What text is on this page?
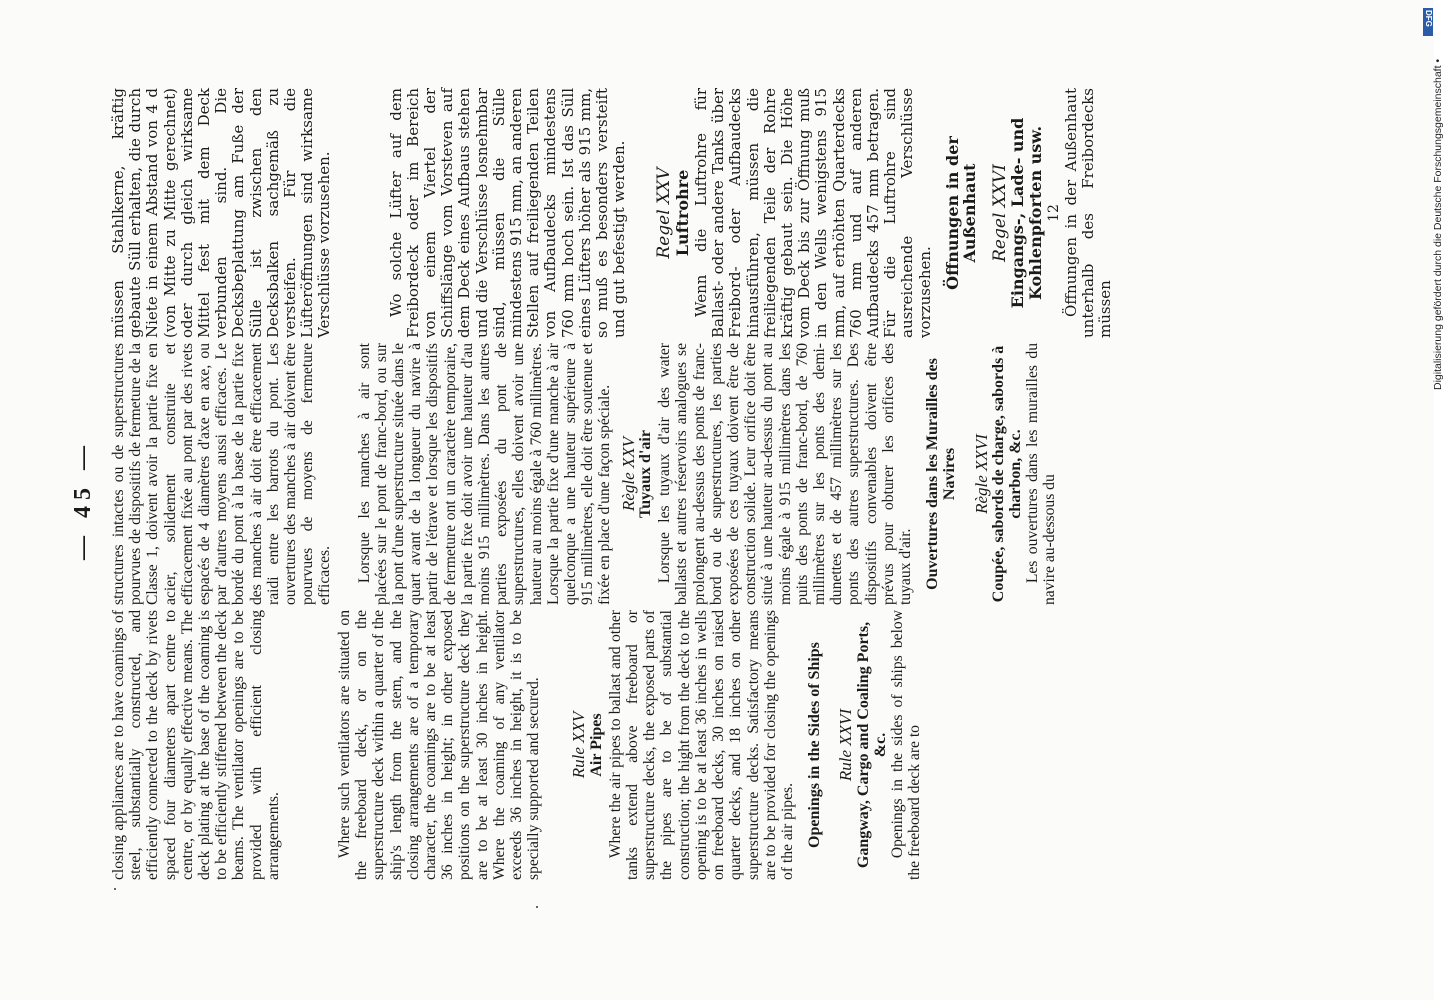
— 45 —

closing appliances are to have coamings of steel, substantially constructed, and efficiently connected to the deck by rivets spaced four diameters apart centre to centre, or by equally effective means. The deck plating at the base of the coaming is to be efficiently stiffened between the deck beams. The ventilator openings are to be provided with efficient closing arrangements.	Where such ventilators are situated on the freeboard deck, or on the superstructure deck within a quarter of the ship's length from the stem, and the closing arrangements are of a temporary character, the coamings are to be at least 36 inches in height; in other exposed positions on the superstructure deck they are to be at least 30 inches in height. Where the coaming of any ventilator exceeds 36 inches in height, it is to be specially supported and secured. Rule XXV Air Pipes Where the air pipes to ballast and other tanks extend above freeboard or superstructure decks, the exposed parts of the pipes are to be of substantial construction; the hight from the deck to the opening is to be at least 36 inches in wells on freeboard decks, 30 inches on raised quarter decks, and 18 inches on other superstructure decks. Satisfactory means are to be provided for closing the openings of the air pipes. Openings in the Sides of Ships Rule XXVI Gangway, Cargo and Coaling Ports, &c. Openings in the sides of ships below the freeboard deck are to

structures intactes ou de superstructures pourvues de dispositifs de fermeture de la Classe 1, doivent avoir la partie fixe en acier, solidement construite et efficacement fixée au pont par des rivets espacés de 4 diamètres d'axe en axe, ou par d'autres moyens aussi efficaces. Le bordé du pont à la base de la partie fixe des manches à air doit être efficacement raidi entre les barrots du pont. Les ouvertures des manches à air doivent être pourvues de moyens de fermeture efficaces. Lorsque les manches à air sont placées sur le pont de franc-bord, ou sur la pont d'une superstructure située dans le quart avant de la longueur du navire à partir de l'étrave et lorsque les dispositifs de fermeture ont un caractère temporaire, la partie fixe doit avoir une hauteur d'au moins 915 millimètres. Dans les autres parties exposées du pont de superstructures, elles doivent avoir une hauteur au moins égale à 760 millimètres. Lorsque la partie fixe d'une manche à air quelconque a une hauteur supérieure à 915 millimètres, elle doit être soutenue et fixée en place d'une façon spéciale. Règle XXV Tuyaux d'air Lorsque les tuyaux d'air des water ballasts et autres réservoirs analogues se prolongent au-dessus des ponts de franc-bord ou de superstructures, les parties exposées de ces tuyaux doivent être de construction solide. Leur orifice doit être situé à une hauteur au-dessus du pont au moins égale à 915 millimètres dans les puits des ponts de franc-bord, de 760 millimètres sur les ponts des demi-dunettes et de 457 millimètres sur les ponts des autres superstructures. Des dispositifs convenables doivent être prévus pour obturer les orifices des tuyaux d'air. Ouvertures dans les Murailles des Navires Règle XXVI Coupée, sabords de charge, sabords à charbon, &c. Les ouvertures dans les murailles du navire au-dessous du

müssen Stahlkerne, kräftig gebaute Süll erhalten, die durch Niete in einem Abstand von 4 d (von Mitte zu Mitte gerechnet) oder durch gleich wirksame Mittel fest mit dem Deck verbunden sind. Die Decksbeplattung am Fuße der Sülle ist zwischen den Decksbalken sachgemäß zu versteifen. Für die Lüfteröffnungen sind wirksame Verschlüsse vorzusehen.	Wo solche Lüfter auf dem Freibordeck oder im Bereich von einem Viertel der Schiffslänge vom Vorsteven auf dem Deck eines Aufbaus stehen und die Verschlüsse losnehmbar sind, müssen die Sülle mindestens 915 mm, an anderen Stellen auf freiliegenden Teilen von Aufbaudecks mindestens 760 mm hoch sein. Ist das Süll eines Lüfters höher als 915 mm, so muß es besonders versteift und gut befestigt werden. Regel XXV
Luftrohre Wenn die Luftrohre für Ballast- oder andere Tanks über Freibord- oder Aufbaudecks hinausführen, müssen die freiliegenden Teile der Rohre kräftig gebaut sein. Die Höhe vom Deck bis zur Öffnung muß in den Wells wenigstens 915 mm, auf erhöhten Quarterdecks 760 mm und auf anderen Aufbaudecks 457 mm betragen. Für die Luftrohre sind ausreichende Verschlüsse vorzusehen.

Öffnungen in der Außenhaut Regel XXVI
Eingangs-, Lade- und Kohlenpforten usw. 12 Öffnungen in der Außenhaut unterhalb des Freibordecks müssen	Digitalisierung gefördert durch die Deutsche Forschungsgemeinschaft •
DFG
